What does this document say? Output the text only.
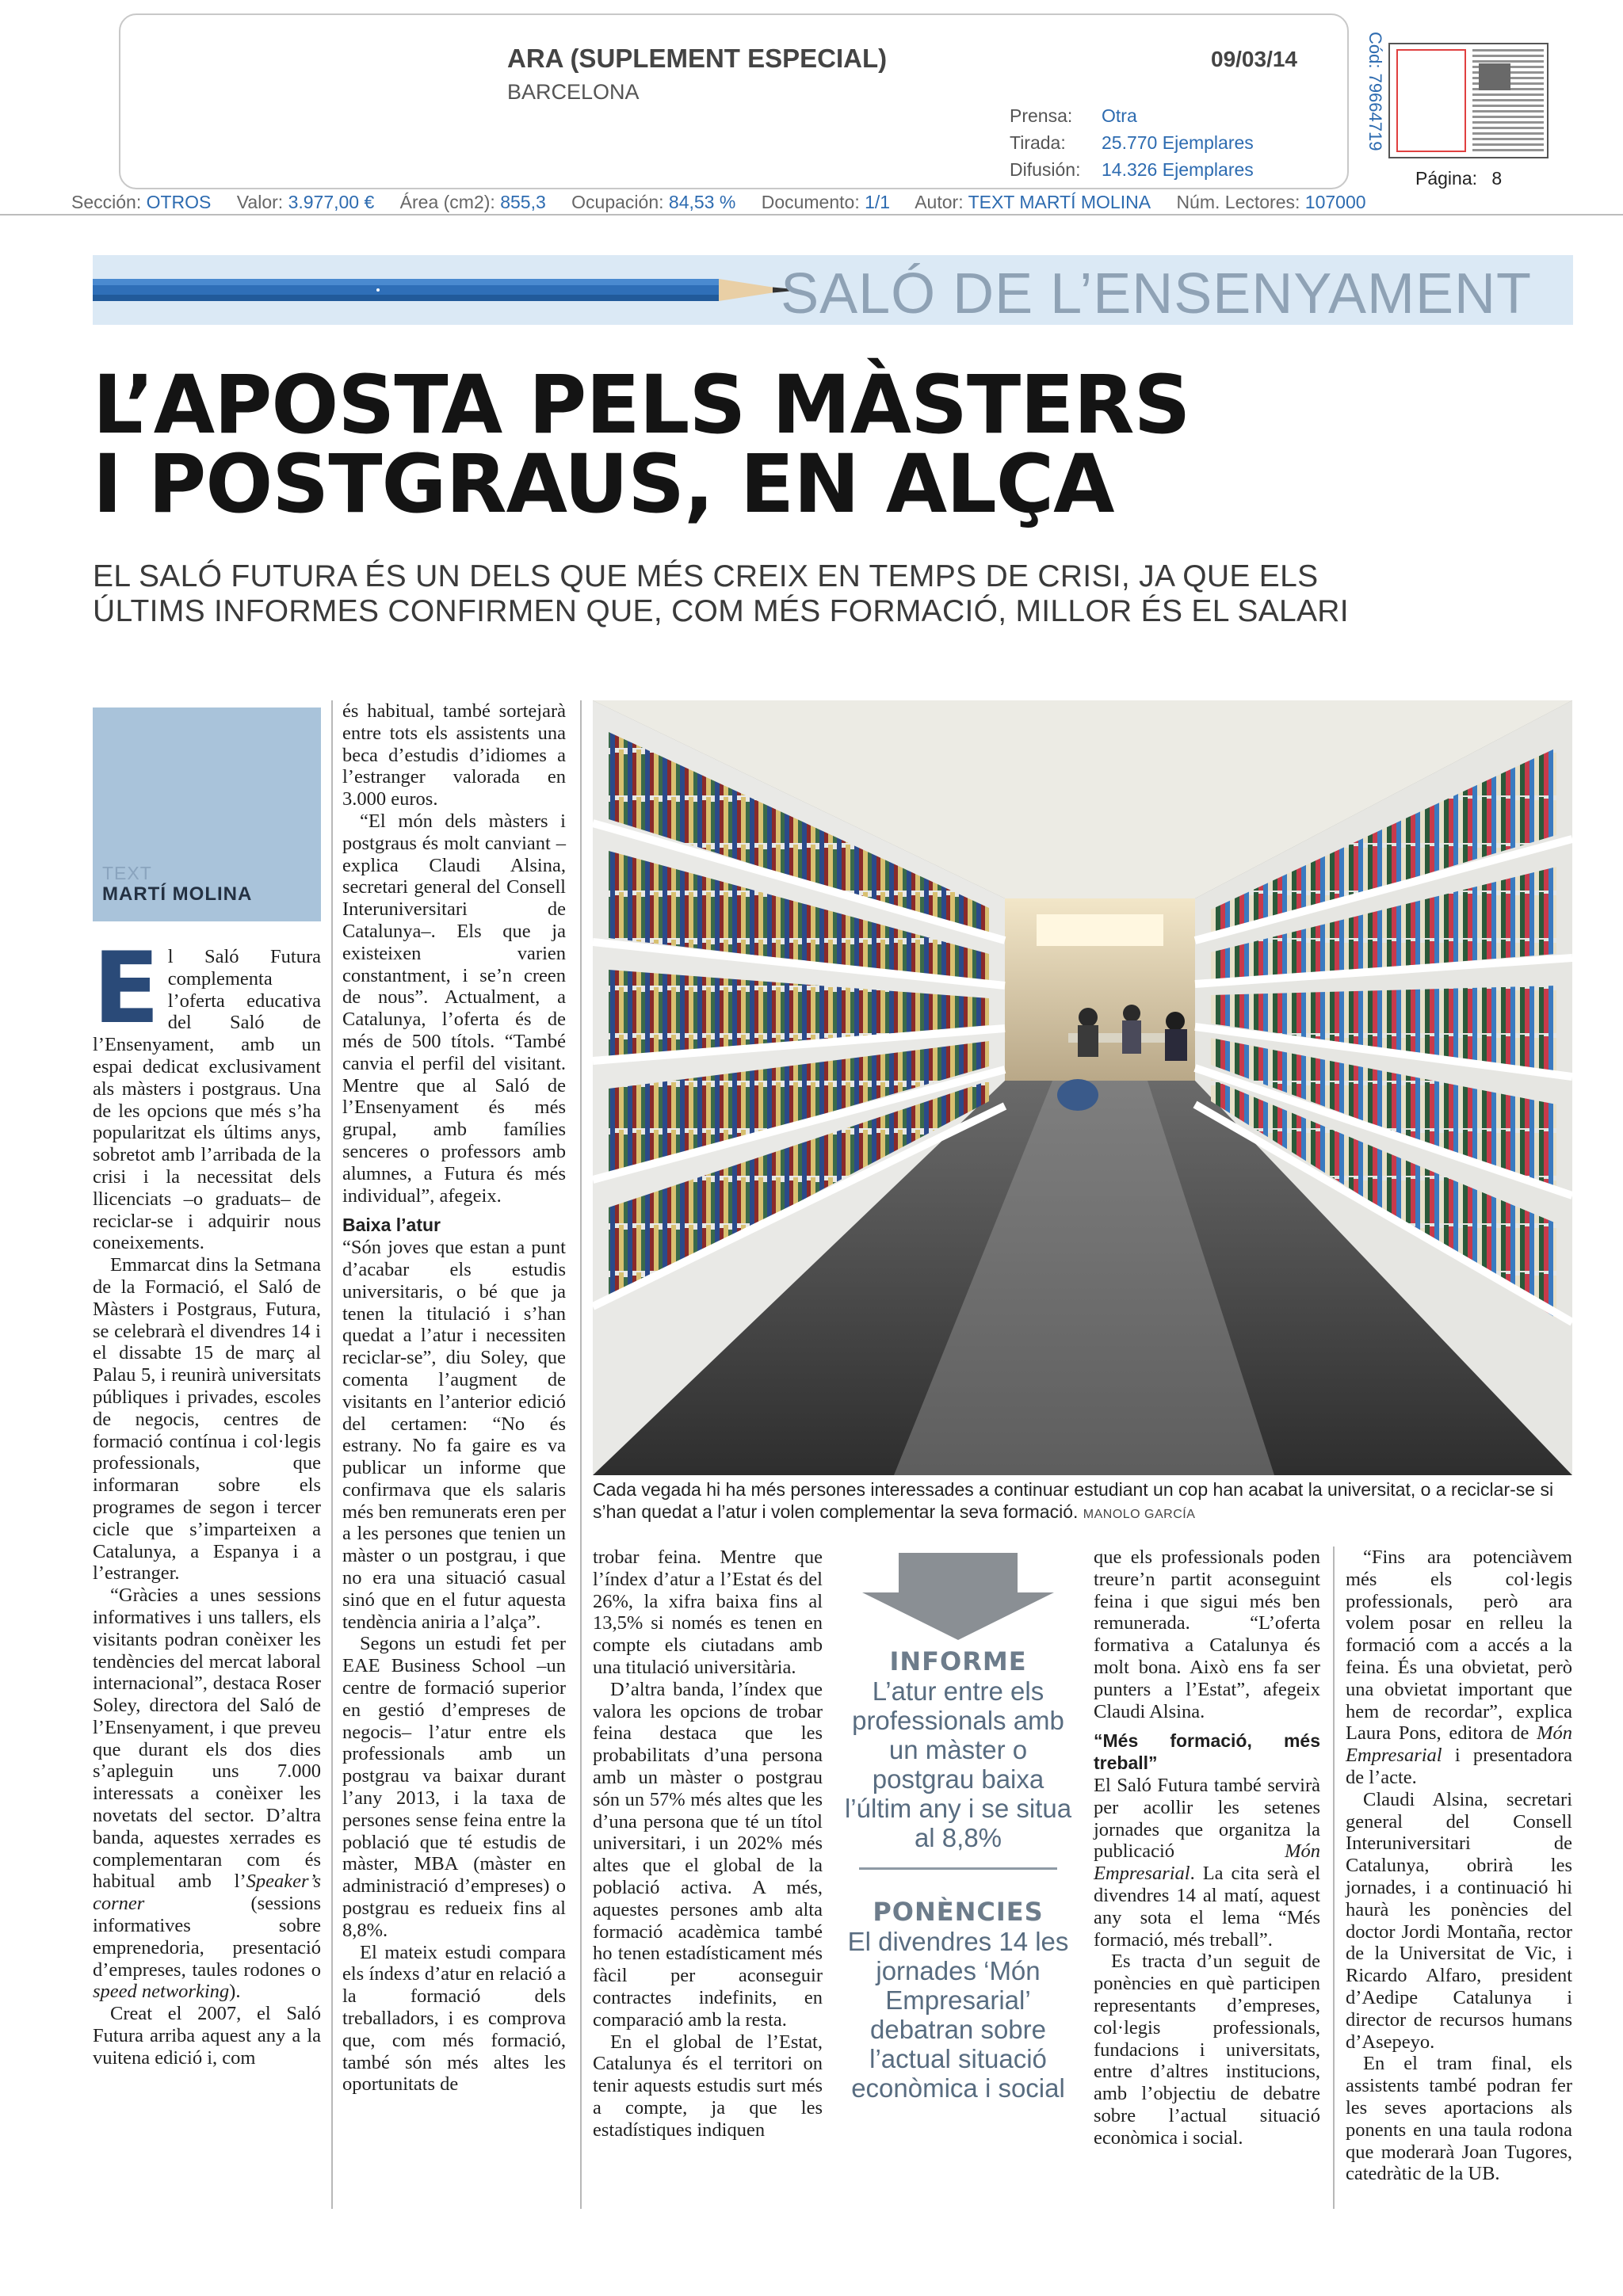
ARA (SUPLEMENT ESPECIAL)
BARCELONA
09/03/14
Prensa: Otra
Tirada: 25.770 Ejemplares
Difusión: 14.326 Ejemplares
Cód: 79664719
Página: 8
Sección: OTROS Valor: 3.977,00 € Área (cm2): 855,3 Ocupación: 84,53 % Documento: 1/1 Autor: TEXT MARTÍ MOLINA Núm. Lectores: 107000
SALÓ DE L’ENSENYAMENT
L’APOSTA PELS MÀSTERS
I POSTGRAUS, EN ALÇA
EL SALÓ FUTURA ÉS UN DELS QUE MÉS CREIX EN TEMPS DE CRISI, JA QUE ELS ÚLTIMS INFORMES CONFIRMEN QUE, COM MÉS FORMACIÓ, MILLOR ÉS EL SALARI
TEXT
MARTÍ MOLINA

El Saló Futura complementa l’oferta educativa del Saló de l’Ensenyament, amb un espai dedicat exclusivament als màsters i postgraus. Una de les opcions que més s’ha popularitzat els últims anys, sobretot amb l’arribada de la crisi i la necessitat dels llicenciats –o graduats– de reciclar-se i adquirir nous coneixements.

Emmarcat dins la Setmana de la Formació, el Saló de Màsters i Postgraus, Futura, se celebrarà el divendres 14 i el dissabte 15 de març al Palau 5, i reunirà universitats públiques i privades, escoles de negocis, centres de formació contínua i col·legis professionals, que informaran sobre els programes de segon i tercer cicle que s’imparteixen a Catalunya, a Espanya i a l’estranger.

“Gràcies a unes sessions informatives i uns tallers, els visitants podran conèixer les tendències del mercat laboral internacional”, destaca Roser Soley, directora del Saló de l’Ensenyament, i que preveu que durant els dos dies s’apleguin uns 7.000 interessats a conèixer les novetats del sector. D’altra banda, aquestes xerrades es complementaran com és habitual amb l’Speaker’s corner (sessions informatives sobre emprenedoria, presentació d’empreses, taules rodones o speed networking).

Creat el 2007, el Saló Futura arriba aquest any a la vuitena edició i, com

és habitual, també sortejarà entre tots els assistents una beca d’estudis d’idiomes a l’estranger valorada en 3.000 euros.

“El món dels màsters i postgraus és molt canviant –explica Claudi Alsina, secretari general del Consell Interuniversitari de Catalunya–. Els que ja existeixen varien constantment, i se’n creen de nous”. Actualment, a Catalunya, l’oferta és de més de 500 títols. “També canvia el perfil del visitant. Mentre que al Saló de l’Ensenyament és més grupal, amb famílies senceres o professors amb alumnes, a Futura és més individual”, afegeix.

Baixa l’atur

“Són joves que estan a punt d’acabar els estudis universitaris, o bé que ja tenen la titulació i s’han quedat a l’atur i necessiten reciclar-se”, diu Soley, que comenta l’augment de visitants en l’anterior edició del certamen: “No és estrany. No fa gaire es va publicar un informe que confirmava que els salaris més ben remunerats eren per a les persones que tenien un màster o un postgrau, i que no era una situació casual sinó que en el futur aquesta tendència aniria a l’alça”.

Segons un estudi fet per EAE Business School –un centre de formació superior en gestió d’empreses de negocis– l’atur entre els professionals amb un postgrau va baixar durant l’any 2013, i la taxa de persones sense feina entre la població que té estudis de màster, MBA (màster en administració d’empreses) o postgrau es redueix fins al 8,8%.

El mateix estudi compara els índexs d’atur en relació a la formació dels treballadors, i es comprova que, com més formació, també són més altes les oportunitats de

Cada vegada hi ha més persones interessades a continuar estudiant un cop han acabat la universitat, o a reciclar-se si s’han quedat a l’atur i volen complementar la seva formació. MANOLO GARCÍA

trobar feina. Mentre que l’índex d’atur a l’Estat és del 26%, la xifra baixa fins al 13,5% si només es tenen en compte els ciutadans amb una titulació universitària.

D’altra banda, l’índex que valora les opcions de trobar feina destaca que les probabilitats d’una persona amb un màster o postgrau són un 57% més altes que les d’una persona que té un títol universitari, i un 202% més altes que el global de la població activa. A més, aquestes persones amb alta formació acadèmica també ho tenen estadísticament més fàcil per aconseguir contractes indefinits, en comparació amb la resta.

En el global de l’Estat, Catalunya és el territori on tenir aquests estudis surt més a compte, ja que les estadístiques indiquen

INFORME
L’atur entre els professionals amb un màster o postgrau baixa l’últim any i se situa al 8,8%
PONÈNCIES
El divendres 14 les jornades ‘Món Empresarial’ debatran sobre l’actual situació econòmica i social

que els professionals poden treure’n partit aconseguint feina i que sigui més ben remunerada. “L’oferta formativa a Catalunya és molt bona. Això ens fa ser punters a l’Estat”, afegeix Claudi Alsina.

“Més formació, més treball”

El Saló Futura també servirà per acollir les setenes jornades que organitza la publicació Món Empresarial. La cita serà el divendres 14 al matí, aquest any sota el lema “Més formació, més treball”.

Es tracta d’un seguit de ponències en què participen representants d’empreses, col·legis professionals, fundacions i universitats, entre d’altres institucions, amb l’objectiu de debatre sobre l’actual situació econòmica i social.

“Fins ara potenciàvem més els col·legis professionals, però ara volem posar en relleu la formació com a accés a la feina. És una obvietat, però una obvietat important que hem de recordar”, explica Laura Pons, editora de Món Empresarial i presentadora de l’acte.

Claudi Alsina, secretari general del Consell Interuniversitari de Catalunya, obrirà les jornades, i a continuació hi haurà les ponències del doctor Jordi Montaña, rector de la Universitat de Vic, i Ricardo Alfaro, president d’Aedipe Catalunya i director de recursos humans d’Asepeyo.

En el tram final, els assistents també podran fer les seves aportacions als ponents en una taula rodona que moderarà Joan Tugores, catedràtic de la UB.
